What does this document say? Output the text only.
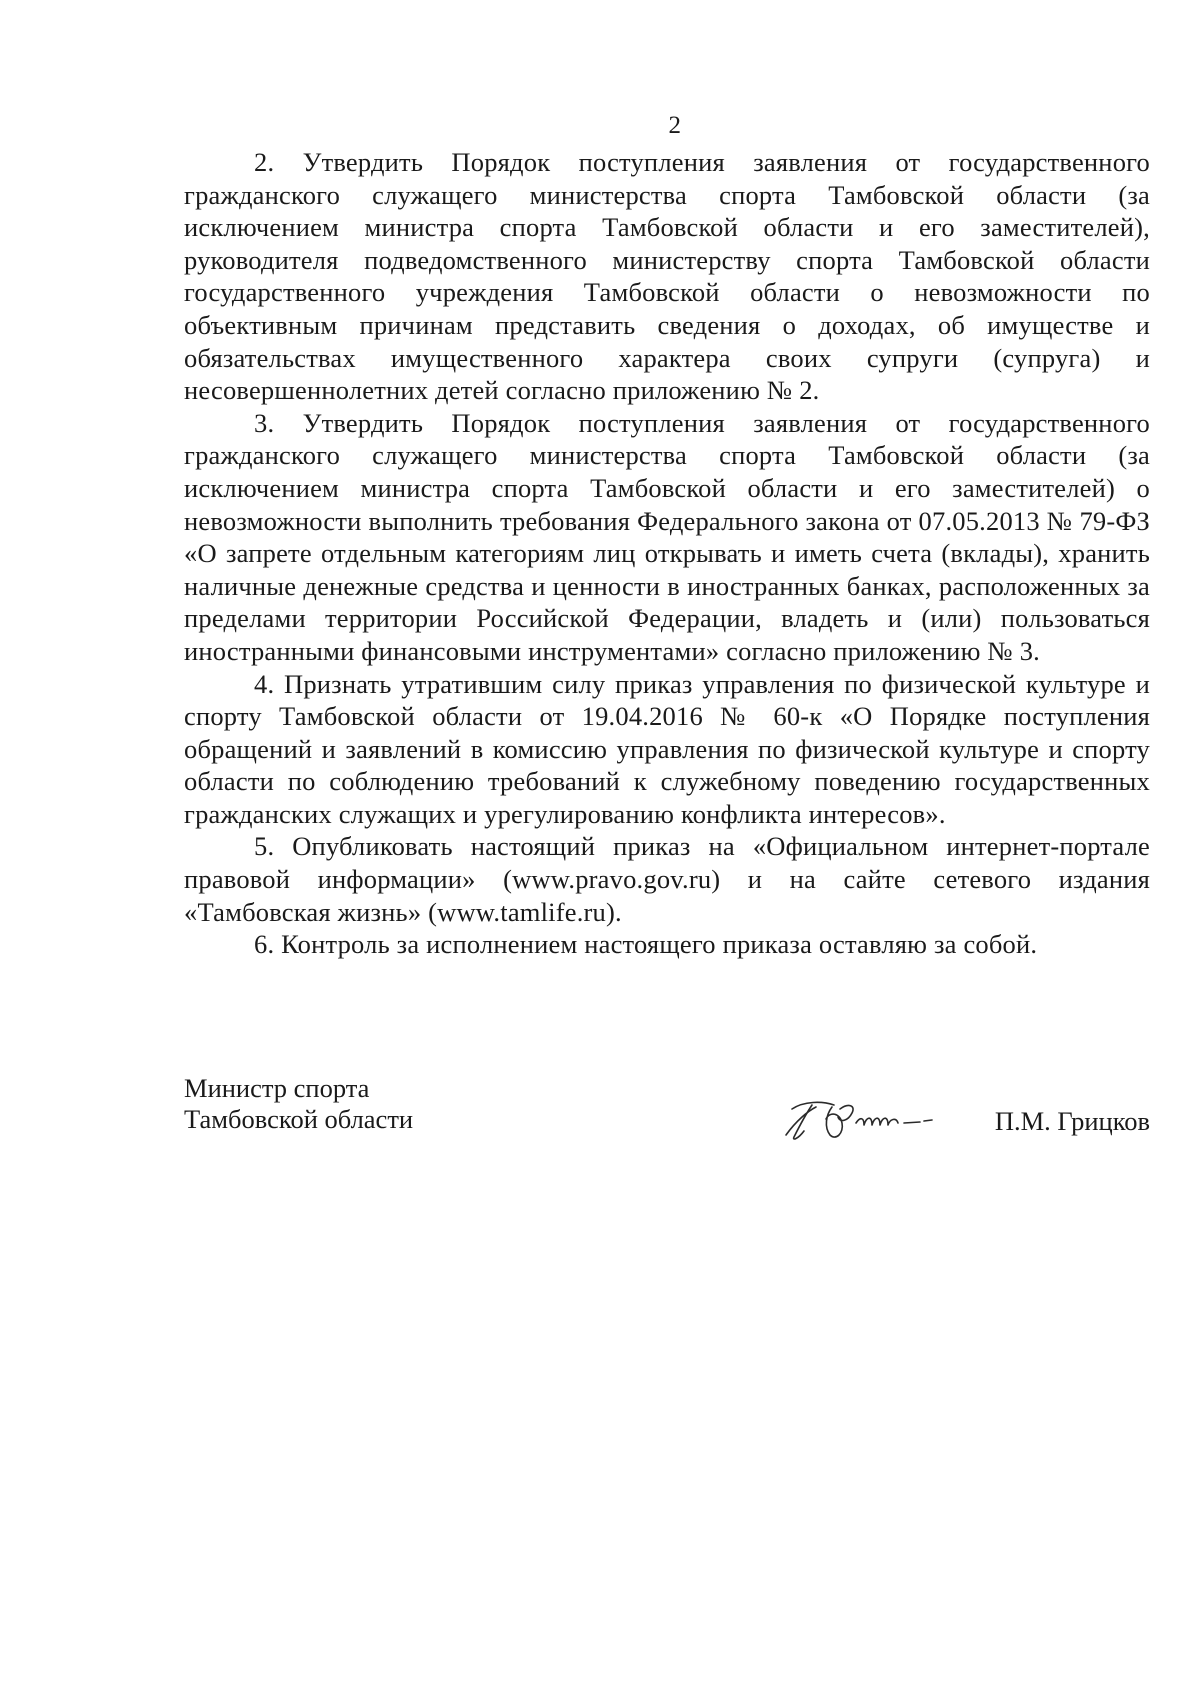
2

2. Утвердить Порядок поступления заявления от государственного гражданского служащего министерства спорта Тамбовской области (за исключением министра спорта Тамбовской области и его заместителей), руководителя подведомственного министерству спорта Тамбовской области государственного учреждения Тамбовской области о невозможности по объективным причинам представить сведения о доходах, об имуществе и обязательствах имущественного характера своих супруги (супруга) и несовершеннолетних детей согласно приложению № 2.

3. Утвердить Порядок поступления заявления от государственного гражданского служащего министерства спорта Тамбовской области (за исключением министра спорта Тамбовской области и его заместителей) о невозможности выполнить требования Федерального закона от 07.05.2013 № 79-ФЗ «О запрете отдельным категориям лиц открывать и иметь счета (вклады), хранить наличные денежные средства и ценности в иностранных банках, расположенных за пределами территории Российской Федерации, владеть и (или) пользоваться иностранными финансовыми инструментами» согласно приложению № 3.

4. Признать утратившим силу приказ управления по физической культуре и спорту Тамбовской области от 19.04.2016 № 60-к «О Порядке поступления обращений и заявлений в комиссию управления по физической культуре и спорту области по соблюдению требований к служебному поведению государственных гражданских служащих и урегулированию конфликта интересов».

5. Опубликовать настоящий приказ на «Официальном интернет-портале правовой информации» (www.pravo.gov.ru) и на сайте сетевого издания «Тамбовская жизнь» (www.tamlife.ru).

6. Контроль за исполнением настоящего приказа оставляю за собой.

Министр спорта
Тамбовской области	П.М. Грицков
